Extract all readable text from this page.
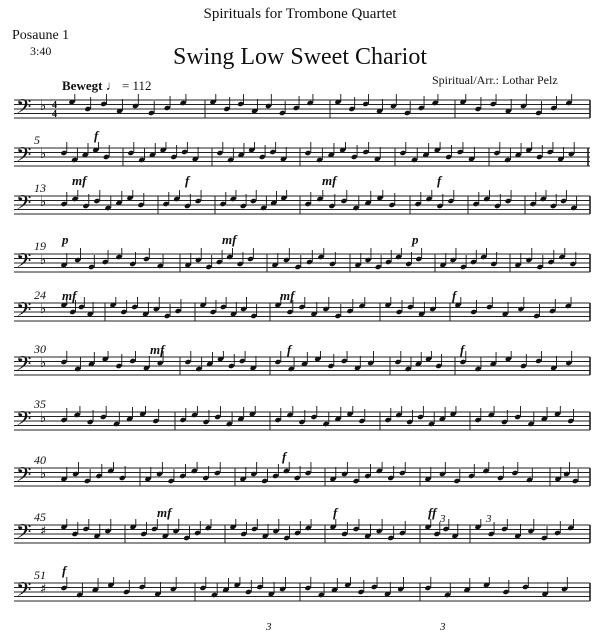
Posaune 1
3:40
Spirituals for Trombone Quartet
Swing Low Sweet Chariot
Spiritual/Arr.: Lothar Pelz
Bewegt ♩ = 112
𝄢 ♭ 4
4
f
𝄢 ♭
5
mf	f	mf	f
𝄢 ♭
13
p	mf	p
𝄢 ♭
19
mf	mf	f
𝄢 ♭
24
mf	f	f
𝄢 ♭
30
𝄢 ♭
35
f
𝄢 ♭
40
mf	f	ff 3	3
𝄢 ♯
45
f
𝄢 ♯
51
3	3
